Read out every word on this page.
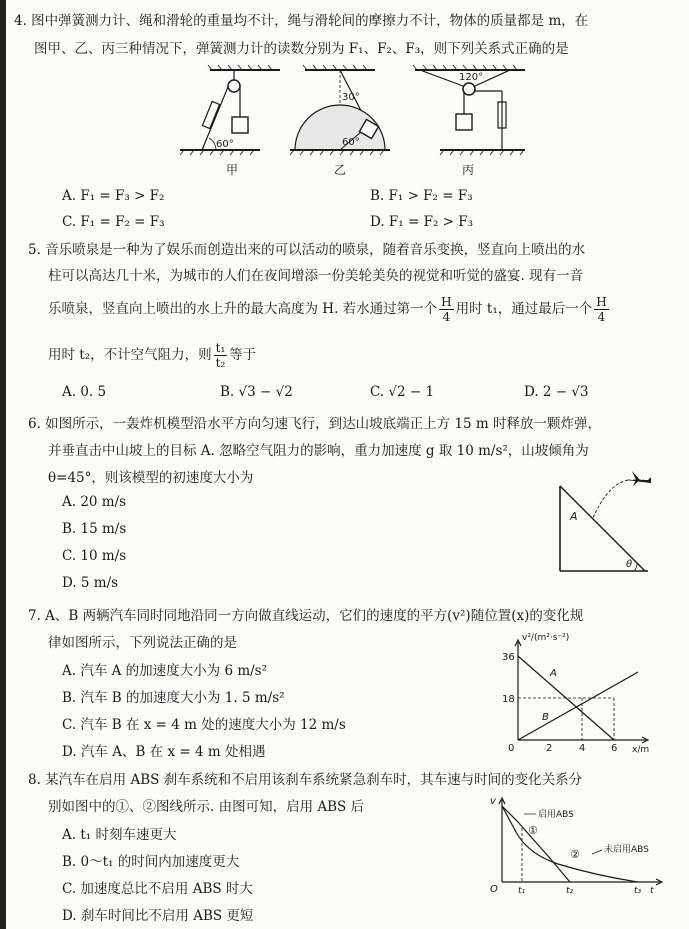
4. 图中弹簧测力计、绳和滑轮的重量均不计，绳与滑轮间的摩擦力不计，物体的质量都是 m，在
图甲、乙、丙三种情况下，弹簧测力计的读数分别为 F₁、F₂、F₃，则下列关系式正确的是
60°
甲
30°
60°
乙
120°
丙
A. F₁ = F₃ > F₂	B. F₁ > F₂ = F₃
C. F₁ = F₂ = F₃	D. F₁ = F₂ > F₃
5. 音乐喷泉是一种为了娱乐而创造出来的可以活动的喷泉，随着音乐变换，竖直向上喷出的水
柱可以高达几十米，为城市的人们在夜间增添一份美轮美奂的视觉和听觉的盛宴. 现有一音
乐喷泉，竖直向上喷出的水上升的最大高度为 H. 若水通过第一个 $\frac{H}{4}$ 用时 t₁，通过最后一个 $\frac{H}{4}$
用时 t₂，不计空气阻力，则 $\frac{\text{t₁}}{\text{t₂}}$ 等于
A. 0. 5	B. √3 − √2	C. √2 − 1	D. 2 − √3
6. 如图所示，一轰炸机模型沿水平方向匀速飞行，到达山坡底端正上方 15 m 时释放一颗炸弹，
并垂直击中山坡上的目标 A. 忽略空气阻力的影响，重力加速度 g 取 10 m/s²，山坡倾角为
θ=45°，则该模型的初速度大小为
A. 20 m/s
B. 15 m/s
C. 10 m/s
D. 5 m/s
A
θ
7. A、B 两辆汽车同时同地沿同一方向做直线运动，它们的速度的平方(v²)随位置(x)的变化规
律如图所示，下列说法正确的是
A. 汽车 A 的加速度大小为 6 m/s²
B. 汽车 B 的加速度大小为 1. 5 m/s²
C. 汽车 B 在 x = 4 m 处的速度大小为 12 m/s
D. 汽车 A、B 在 x = 4 m 处相遇
v²/(m²·s⁻²)
x/m
36
18
0	2	4	6
A
B
8. 某汽车在启用 ABS 刹车系统和不启用该刹车系统紧急刹车时，其车速与时间的变化关系分
别如图中的①、②图线所示. 由图可知，启用 ABS 后
A. t₁ 时刻车速更大
B. 0～t₁ 的时间内加速度更大
C. 加速度总比不启用 ABS 时大
D. 刹车时间比不启用 ABS 更短
v
O t₁	t₂	t₃ t
启用ABS
①
②	未启用ABS
